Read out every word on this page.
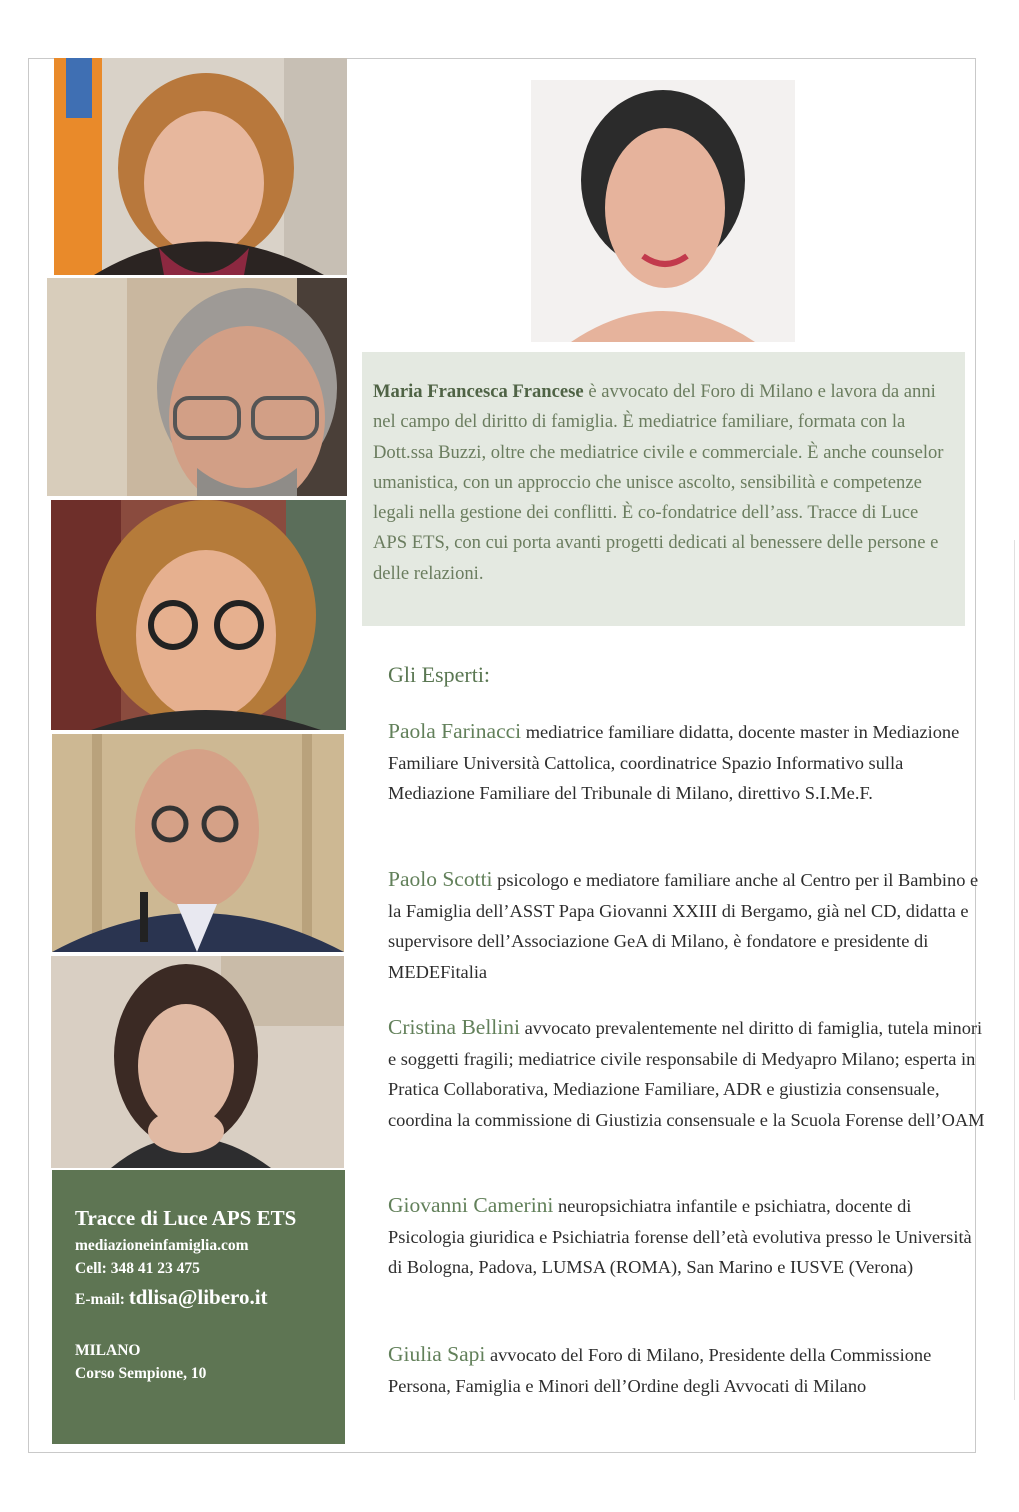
Maria Francesca Francese è avvocato del Foro di Milano e lavora da anni nel campo del diritto di famiglia. È mediatrice familiare, formata con la Dott.ssa Buzzi, oltre che mediatrice civile e commerciale. È anche counselor umanistica, con un approccio che unisce ascolto, sensibilità e competenze legali nella gestione dei conflitti. È co-fondatrice dell’ass. Tracce di Luce APS ETS, con cui porta avanti progetti dedicati al benessere delle persone e delle relazioni.
Gli Esperti:
Paola Farinacci mediatrice familiare didatta, docente master in Mediazione Familiare Università Cattolica, coordinatrice Spazio Informativo sulla Mediazione Familiare del Tribunale di Milano, direttivo S.I.Me.F.
Paolo Scotti psicologo e mediatore familiare anche al Centro per il Bambino e la Famiglia dell’ASST Papa Giovanni XXIII di Bergamo, già nel CD, didatta e supervisore dell’Associazione GeA di Milano, è fondatore e presidente di MEDEFitalia
Cristina Bellini avvocato prevalentemente nel diritto di famiglia, tutela minori e soggetti fragili; mediatrice civile responsabile di Medyapro Milano; esperta in Pratica Collaborativa, Mediazione Familiare, ADR e giustizia consensuale, coordina la commissione di Giustizia consensuale e la Scuola Forense dell’OAM
Giovanni Camerini neuropsichiatra infantile e psichiatra, docente di Psicologia giuridica e Psichiatria forense dell’età evolutiva presso le Università di Bologna, Padova, LUMSA (ROMA), San Marino e IUSVE (Verona)
Giulia Sapi avvocato del Foro di Milano, Presidente della Commissione Persona, Famiglia e Minori dell’Ordine degli Avvocati di Milano
Tracce di Luce APS ETS
mediazioneinfamiglia.com
Cell: 348 41 23 475
E-mail: tdlisa@libero.it
MILANO
Corso Sempione, 10
